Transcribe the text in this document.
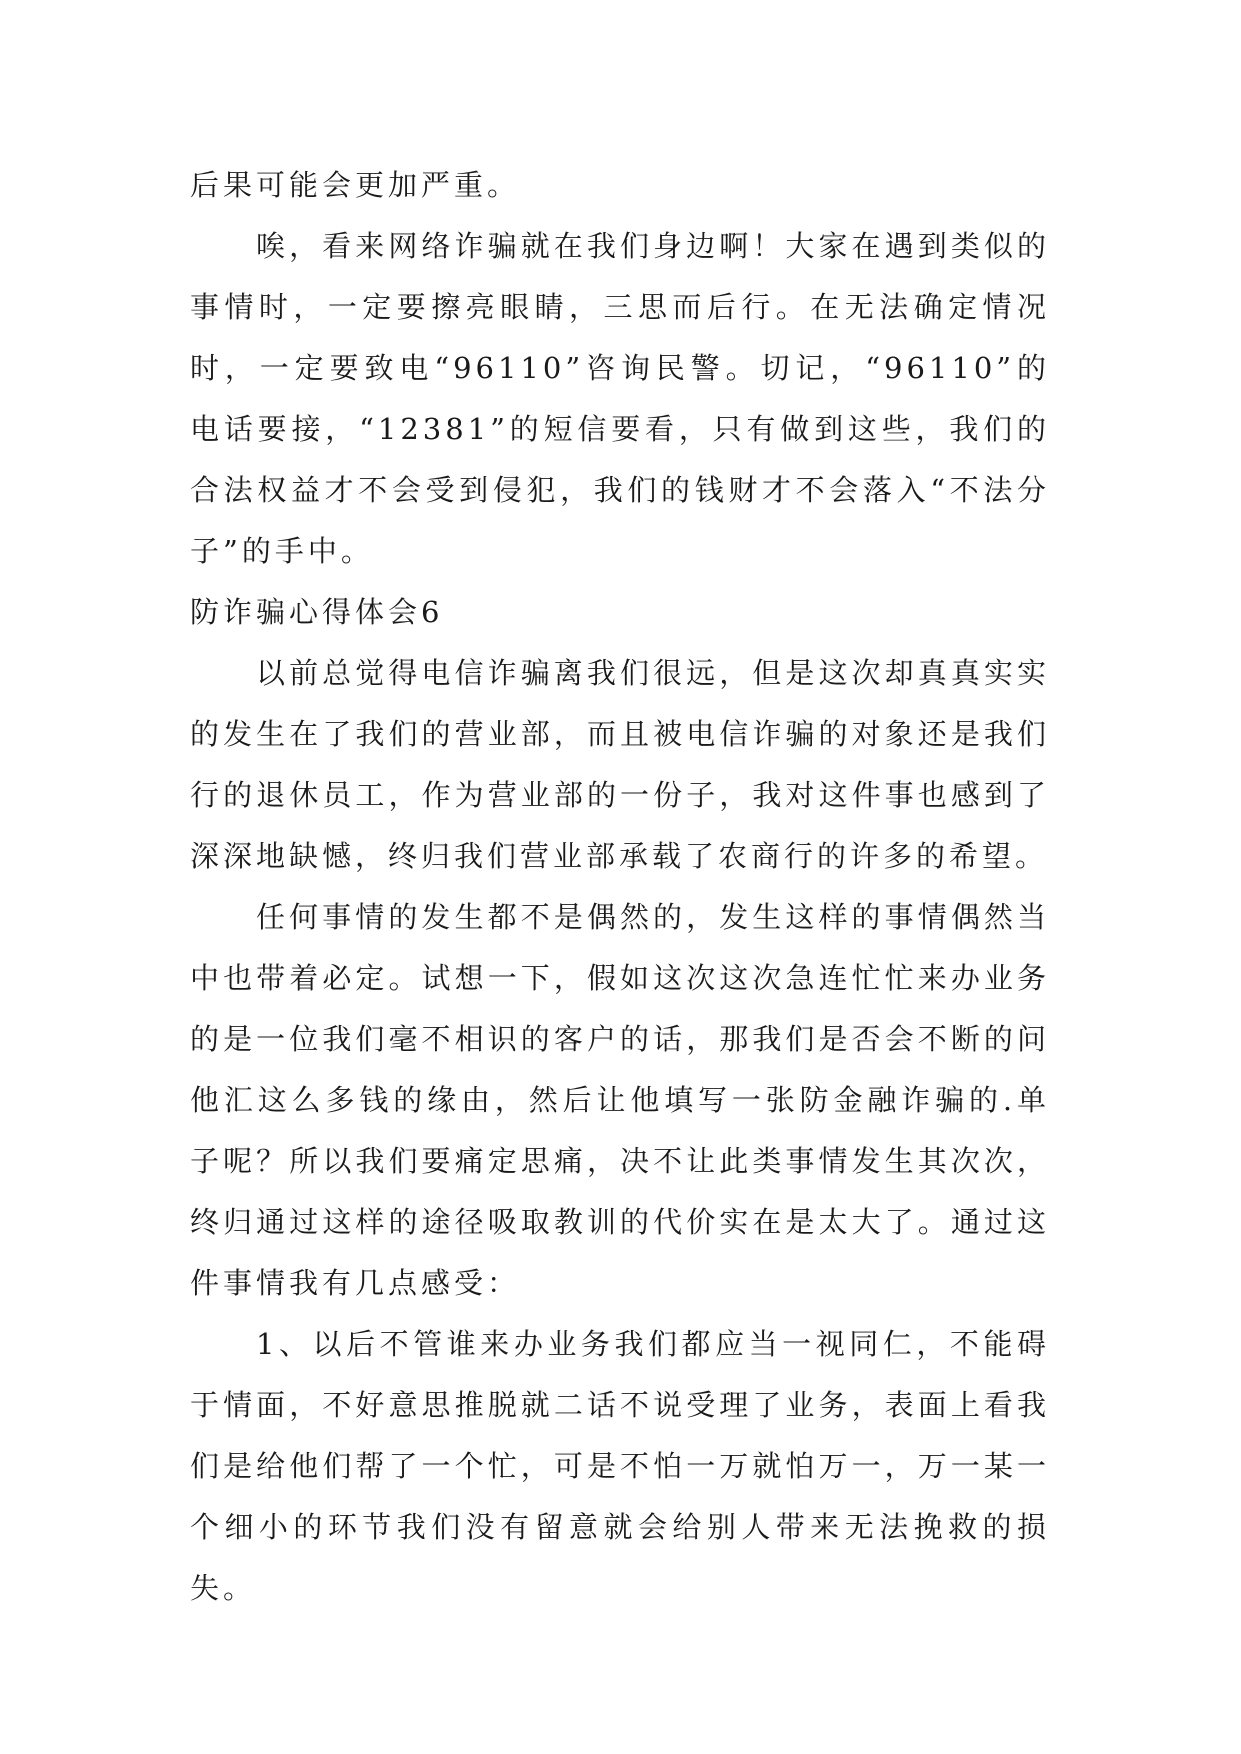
后果可能会更加严重。

唉，看来网络诈骗就在我们身边啊！大家在遇到类似的事情时，一定要擦亮眼睛，三思而后行。在无法确定情况时，一定要致电“96110”咨询民警。切记，“96110”的电话要接，“12381”的短信要看，只有做到这些，我们的合法权益才不会受到侵犯，我们的钱财才不会落入“不法分子”的手中。

防诈骗心得体会6

以前总觉得电信诈骗离我们很远，但是这次却真真实实的发生在了我们的营业部，而且被电信诈骗的对象还是我们行的退休员工，作为营业部的一份子，我对这件事也感到了深深地缺憾，终归我们营业部承载了农商行的许多的希望。

任何事情的发生都不是偶然的，发生这样的事情偶然当中也带着必定。试想一下，假如这次这次急连忙忙来办业务的是一位我们毫不相识的客户的话，那我们是否会不断的问他汇这么多钱的缘由，然后让他填写一张防金融诈骗的.单子呢？所以我们要痛定思痛，决不让此类事情发生其次次，终归通过这样的途径吸取教训的代价实在是太大了。通过这件事情我有几点感受：

1、以后不管谁来办业务我们都应当一视同仁，不能碍于情面，不好意思推脱就二话不说受理了业务，表面上看我们是给他们帮了一个忙，可是不怕一万就怕万一，万一某一个细小的环节我们没有留意就会给别人带来无法挽救的损失。
